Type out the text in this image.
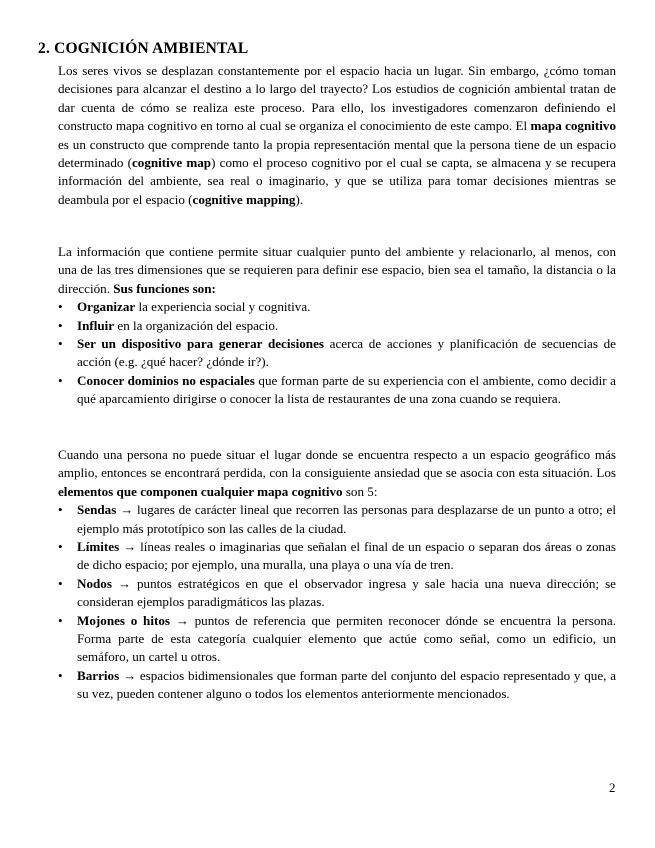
2. COGNICIÓN AMBIENTAL

Los seres vivos se desplazan constantemente por el espacio hacia un lugar. Sin embargo, ¿cómo toman decisiones para alcanzar el destino a lo largo del trayecto? Los estudios de cognición ambiental tratan de dar cuenta de cómo se realiza este proceso. Para ello, los investigadores comenzaron definiendo el constructo mapa cognitivo en torno al cual se organiza el conocimiento de este campo. El mapa cognitivo es un constructo que comprende tanto la propia representación mental que la persona tiene de un espacio determinado (cognitive map) como el proceso cognitivo por el cual se capta, se almacena y se recupera información del ambiente, sea real o imaginario, y que se utiliza para tomar decisiones mientras se deambula por el espacio (cognitive mapping).

La información que contiene permite situar cualquier punto del ambiente y relacionarlo, al menos, con una de las tres dimensiones que se requieren para definir ese espacio, bien sea el tamaño, la distancia o la dirección. Sus funciones son:

• Organizar la experiencia social y cognitiva.
• Influir en la organización del espacio.
• Ser un dispositivo para generar decisiones acerca de acciones y planificación de secuencias de acción (e.g. ¿qué hacer? ¿dónde ir?).
• Conocer dominios no espaciales que forman parte de su experiencia con el ambiente, como decidir a qué aparcamiento dirigirse o conocer la lista de restaurantes de una zona cuando se requiera.

Cuando una persona no puede situar el lugar donde se encuentra respecto a un espacio geográfico más amplio, entonces se encontrará perdida, con la consiguiente ansiedad que se asocia con esta situación. Los elementos que componen cualquier mapa cognitivo son 5:

• Sendas → lugares de carácter lineal que recorren las personas para desplazarse de un punto a otro; el ejemplo más prototípico son las calles de la ciudad.
• Límites → líneas reales o imaginarias que señalan el final de un espacio o separan dos áreas o zonas de dicho espacio; por ejemplo, una muralla, una playa o una vía de tren.
• Nodos → puntos estratégicos en que el observador ingresa y sale hacia una nueva dirección; se consideran ejemplos paradigmáticos las plazas.
• Mojones o hitos → puntos de referencia que permiten reconocer dónde se encuentra la persona. Forma parte de esta categoría cualquier elemento que actúe como señal, como un edificio, un semáforo, un cartel u otros.
• Barrios → espacios bidimensionales que forman parte del conjunto del espacio representado y que, a su vez, pueden contener alguno o todos los elementos anteriormente mencionados.
2
